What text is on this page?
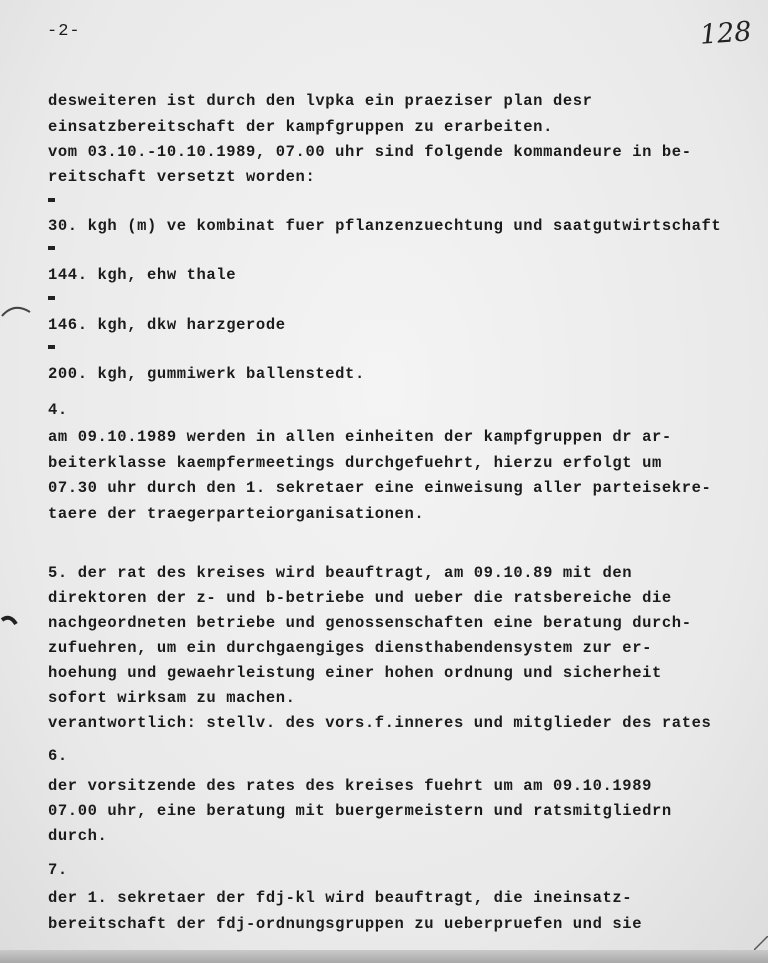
-2-	128
desweiteren ist durch den lvpka ein praeziser plan desr
einsatzbereitschaft der kampfgruppen zu erarbeiten.
vom 03.10.-10.10.1989, 07.00 uhr sind folgende kommandeure in be-
reitschaft versetzt worden:
30. kgh (m) ve kombinat fuer pflanzenzuechtung und saatgutwirtschaft
144. kgh, ehw thale
146. kgh, dkw harzgerode
200. kgh, gummiwerk ballenstedt.
4.
am 09.10.1989 werden in allen einheiten der kampfgruppen dr ar-
beiterklasse kaempfermeetings durchgefuehrt, hierzu erfolgt um
07.30 uhr durch den 1. sekretaer eine einweisung aller parteisekre-
taere der traegerparteiorganisationen.
5. der rat des kreises wird beauftragt, am 09.10.89 mit den
direktoren der z- und b-betriebe und ueber die ratsbereiche die
nachgeordneten betriebe und genossenschaften eine beratung durch-
zufuehren, um ein durchgaengiges diensthabendensystem zur er-
hoehung und gewaehrleistung einer hohen ordnung und sicherheit
sofort wirksam zu machen.
verantwortlich: stellv. des vors.f.inneres und mitglieder des rates
6.
der vorsitzende des rates des kreises fuehrt um am 09.10.1989
07.00 uhr, eine beratung mit buergermeistern und ratsmitgliedrn
durch.
7.
der 1. sekretaer der fdj-kl wird beauftragt, die ineinsatz-
bereitschaft der fdj-ordnungsgruppen zu ueberpruefen und sie
